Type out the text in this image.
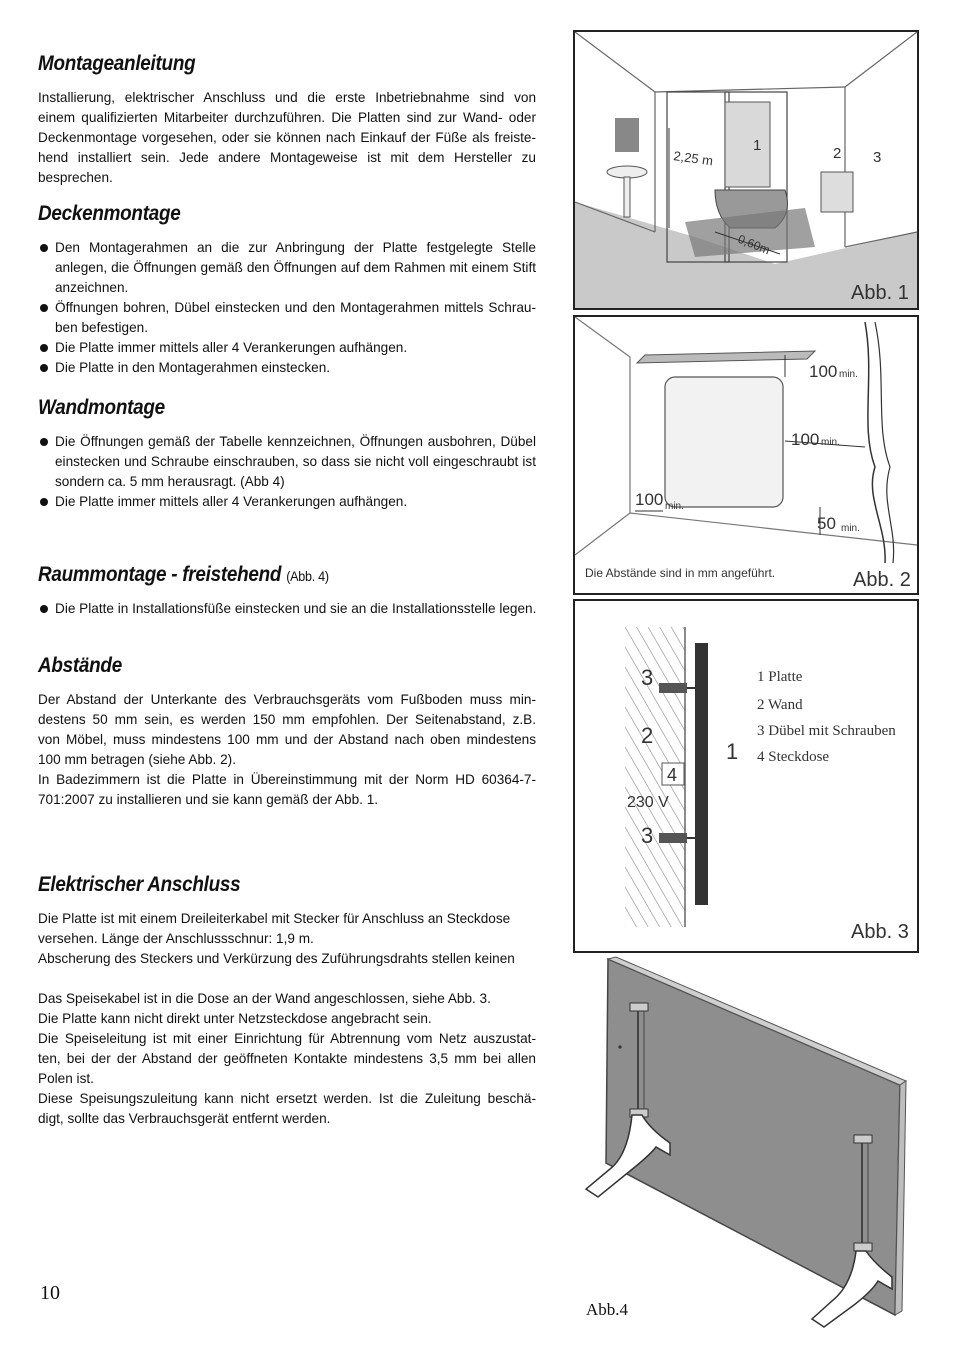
Montageanleitung
Installierung, elektrischer Anschluss und die erste Inbetriebnahme sind von
einem qualifizierten Mitarbeiter durchzuführen. Die Platten sind zur Wand- oder
Deckenmontage vorgesehen, oder sie können nach Einkauf der Füße als freiste-
hend installiert sein. Jede andere Montageweise ist mit dem Hersteller zu
besprechen.
Deckenmontage
Den Montagerahmen an die zur Anbringung der Platte festgelegte Stelle anlegen, die Öffnungen gemäß den Öffnungen auf dem Rahmen mit einem Stift anzeichnen.
Öffnungen bohren, Dübel einstecken und den Montagerahmen mittels Schrau-ben befestigen.
Die Platte immer mittels aller 4 Verankerungen aufhängen.
Die Platte in den Montagerahmen einstecken.
Wandmontage
Die Öffnungen gemäß der Tabelle kennzeichnen, Öffnungen ausbohren, Dübel einstecken und Schraube einschrauben, so dass sie nicht voll eingeschraubt ist sondern ca. 5 mm herausragt. (Abb 4)
Die Platte immer mittels aller 4 Verankerungen aufhängen.
Raummontage - freistehend (Abb. 4)
Die Platte in Installationsfüße einstecken und sie an die Installationsstelle legen.
Abstände
Der Abstand der Unterkante des Verbrauchsgeräts vom Fußboden muss min-
destens 50 mm sein, es werden 150 mm empfohlen. Der Seitenabstand, z.B.
von Möbel, muss mindestens 100 mm und der Abstand nach oben mindestens
100 mm betragen (siehe Abb. 2).
In Badezimmern ist die Platte in Übereinstimmung mit der Norm HD 60364-7-
701:2007 zu installieren und sie kann gemäß der Abb. 1.
Elektrischer Anschluss
Die Platte ist mit einem Dreileiterkabel mit Stecker für Anschluss an Steckdose
versehen. Länge der Anschlussschnur: 1,9 m.
Abscherung des Steckers und Verkürzung des Zuführungsdrahts stellen keinen
Das Speisekabel ist in die Dose an der Wand angeschlossen, siehe Abb. 3.
Die Platte kann nicht direkt unter Netzsteckdose angebracht sein.
Die Speiseleitung ist mit einer Einrichtung für Abtrennung vom Netz auszustat-
ten, bei der der Abstand der geöffneten Kontakte mindestens 3,5 mm bei allen
Polen ist.
Diese Speisungszuleitung kann nicht ersetzt werden. Ist die Zuleitung beschä-
digt, sollte das Verbrauchsgerät entfernt werden.
10
2,25 m
0,60m
1	2 3
Abb. 1
100 min.
100 min.
100 min.
50 min.
Die Abstände sind in mm angeführt.	Abb. 2
3
2
1
4
230 V
3
1 Platte
2 Wand
3 Dübel mit Schrauben
4 Steckdose
Abb. 3
Abb.4
